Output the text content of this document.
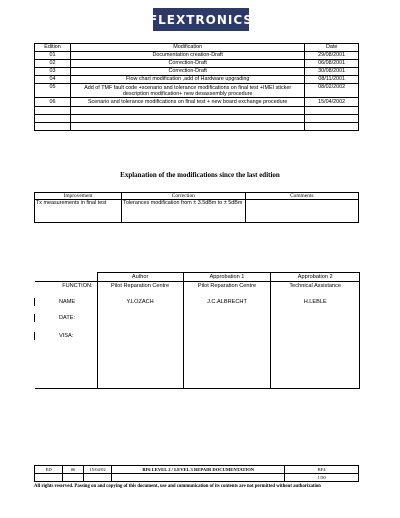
FLEXTRONICS
Edition	Modification	Date
01	Documentation creation-Draft	29/08/2001
02	Correction-Draft	06/08/2001
03	Correction-Draft	30/08/2001
04	Flow chart modification ,add of Hardware upgrading	08/11/2001
05	Add of TMF fault code +scenario and tolerance modifications on final test +IMEI sticker description modification+ new desassembly procedure	08/02/2002
06	Scenario and tolerance modifications on final test + new board exchange procedure	15/04/2002

Explanation of the modifications since the last edition
Improvement	Correction	Comments
Tx measurements in final test	Tolerances modification from ± 3.5dBm to ± 5dBm	
	Author	Approbation 1	Approbation 2
FUNCTION:	Pilot Reparation Centre	Pilot Reparation Centre	Technical Assistance

NAME	Y.LOZACH	J.C.ALBRECHT	H.LEBLE

DATE:			

VISA:			

ED	06	15/04/02	BF6 LEVEL 2 / LEVEL 3 REPAIR DOCUMENTATION	BF4
				1/50
All rights reserved. Passing on and copying of this document, use and communication of its contents are not permitted without authorization
